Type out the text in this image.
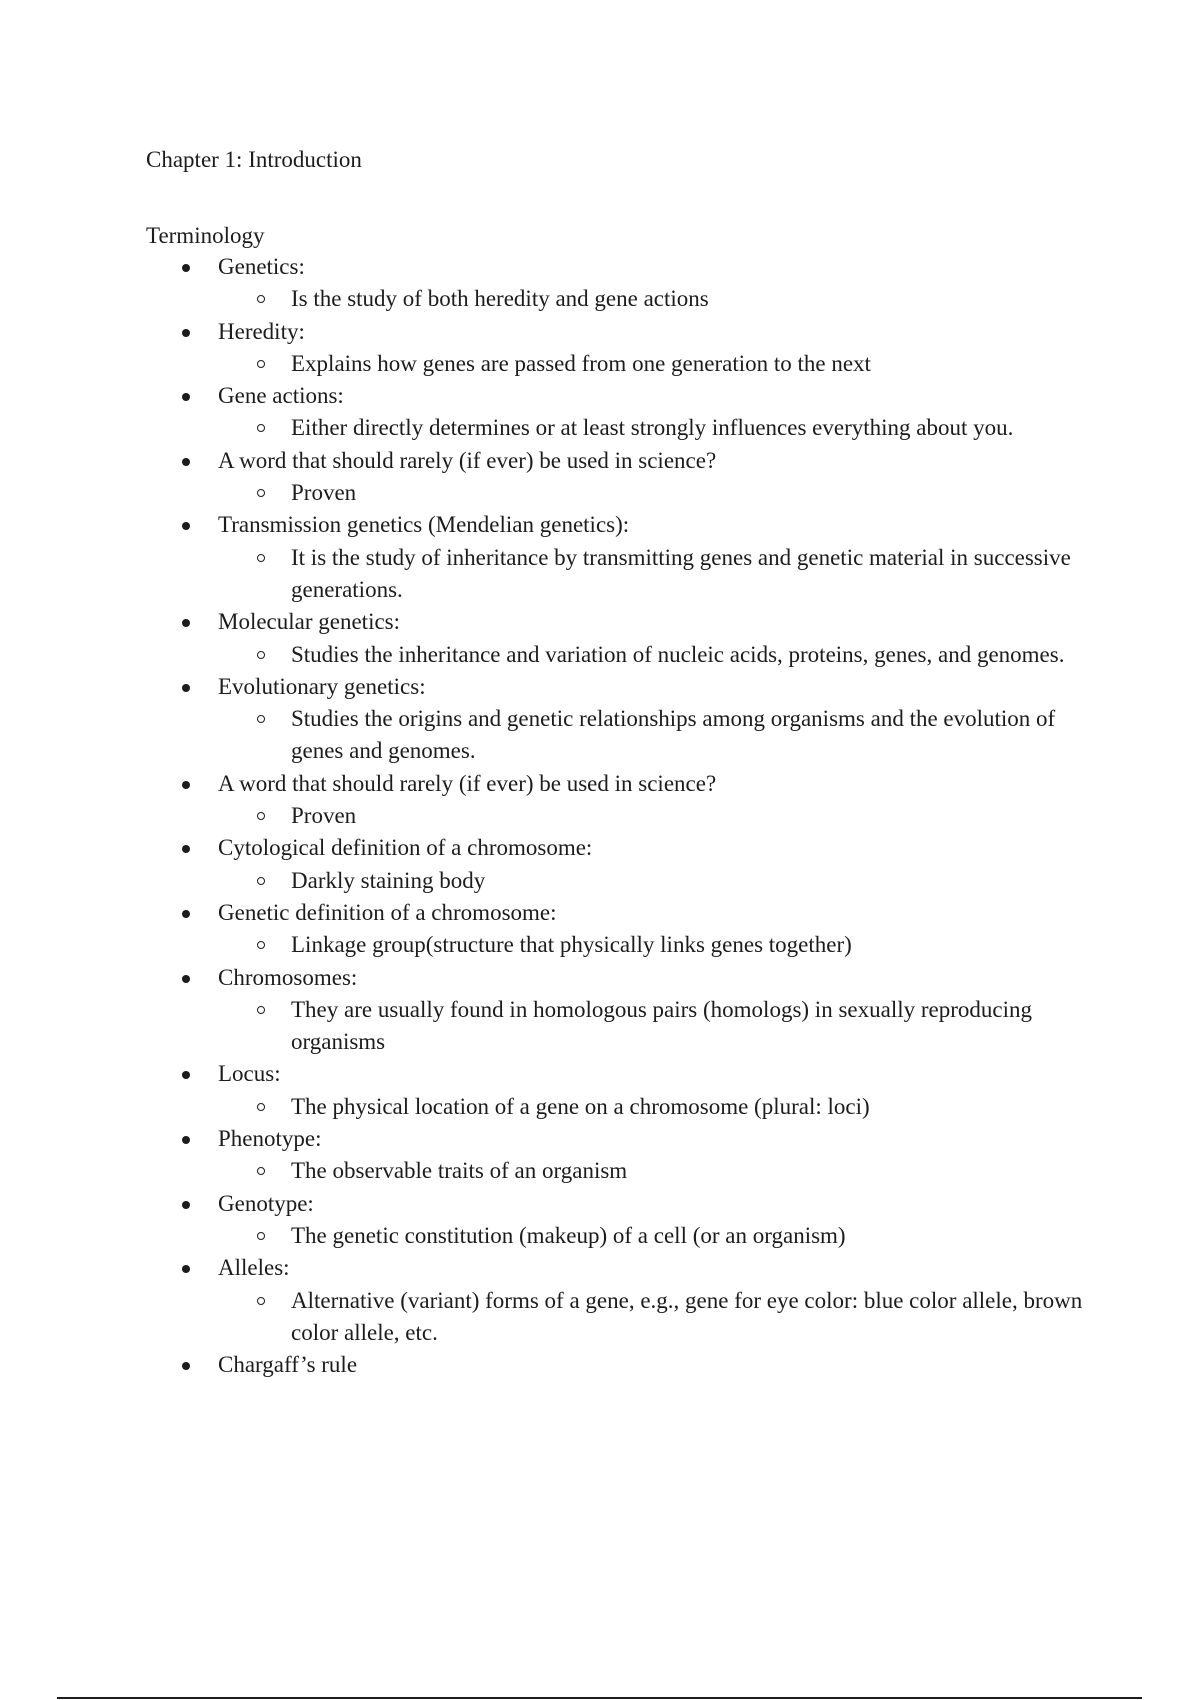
Chapter 1: Introduction
Terminology
Genetics:
Is the study of both heredity and gene actions
Heredity:
Explains how genes are passed from one generation to the next
Gene actions:
Either directly determines or at least strongly influences everything about you.
A word that should rarely (if ever) be used in science?
Proven
Transmission genetics (Mendelian genetics):
It is the study of inheritance by transmitting genes and genetic material in successive generations.
Molecular genetics:
Studies the inheritance and variation of nucleic acids, proteins, genes, and genomes.
Evolutionary genetics:
Studies the origins and genetic relationships among organisms and the evolution of genes and genomes.
A word that should rarely (if ever) be used in science?
Proven
Cytological definition of a chromosome:
Darkly staining body
Genetic definition of a chromosome:
Linkage group(structure that physically links genes together)
Chromosomes:
They are usually found in homologous pairs (homologs) in sexually reproducing organisms
Locus:
The physical location of a gene on a chromosome (plural: loci)
Phenotype:
The observable traits of an organism
Genotype:
The genetic constitution (makeup) of a cell (or an organism)
Alleles:
Alternative (variant) forms of a gene, e.g., gene for eye color: blue color allele, brown color allele, etc.
Chargaff’s rule
